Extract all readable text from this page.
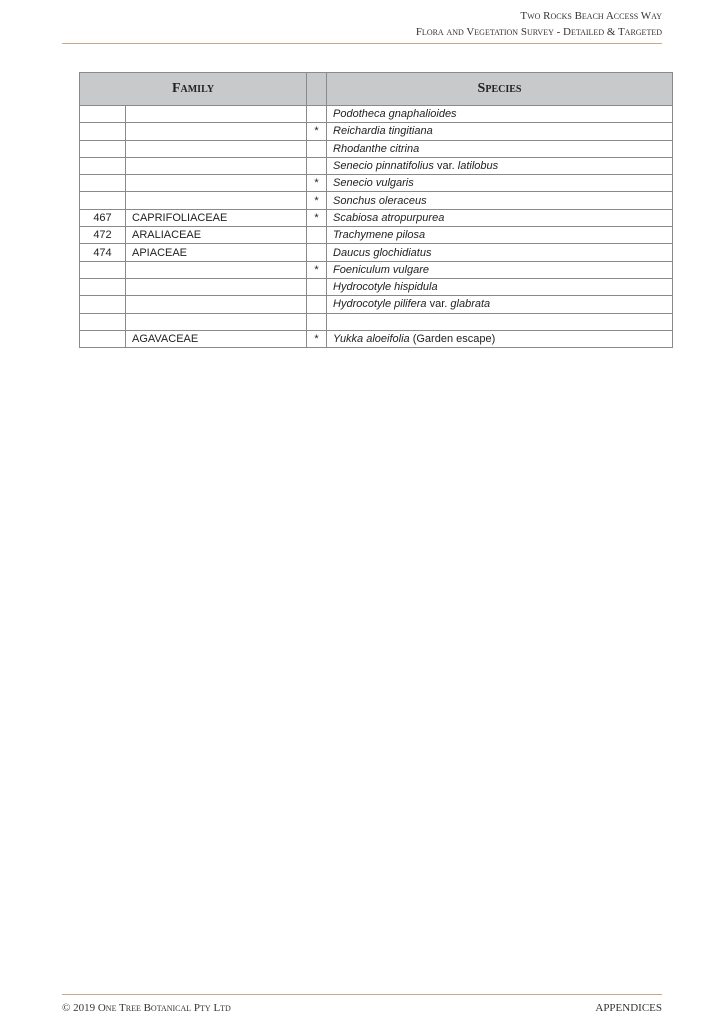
Two Rocks Beach Access Way
Flora and Vegetation Survey - Detailed & Targeted
Family			Species
			Podotheca gnaphalioides
		*	Reichardia tingitiana
			Rhodanthe citrina
			Senecio pinnatifolius var. latilobus
		*	Senecio vulgaris
		*	Sonchus oleraceus
467	CAPRIFOLIACEAE	*	Scabiosa atropurpurea
472	ARALIACEAE		Trachymene pilosa
474	APIACEAE		Daucus glochidiatus
		*	Foeniculum vulgare
			Hydrocotyle hispidula
			Hydrocotyle pilifera var. glabrata

	AGAVACEAE	*	Yukka aloeifolia (Garden escape)
© 2019 One Tree Botanical Pty Ltd	APPENDICES
